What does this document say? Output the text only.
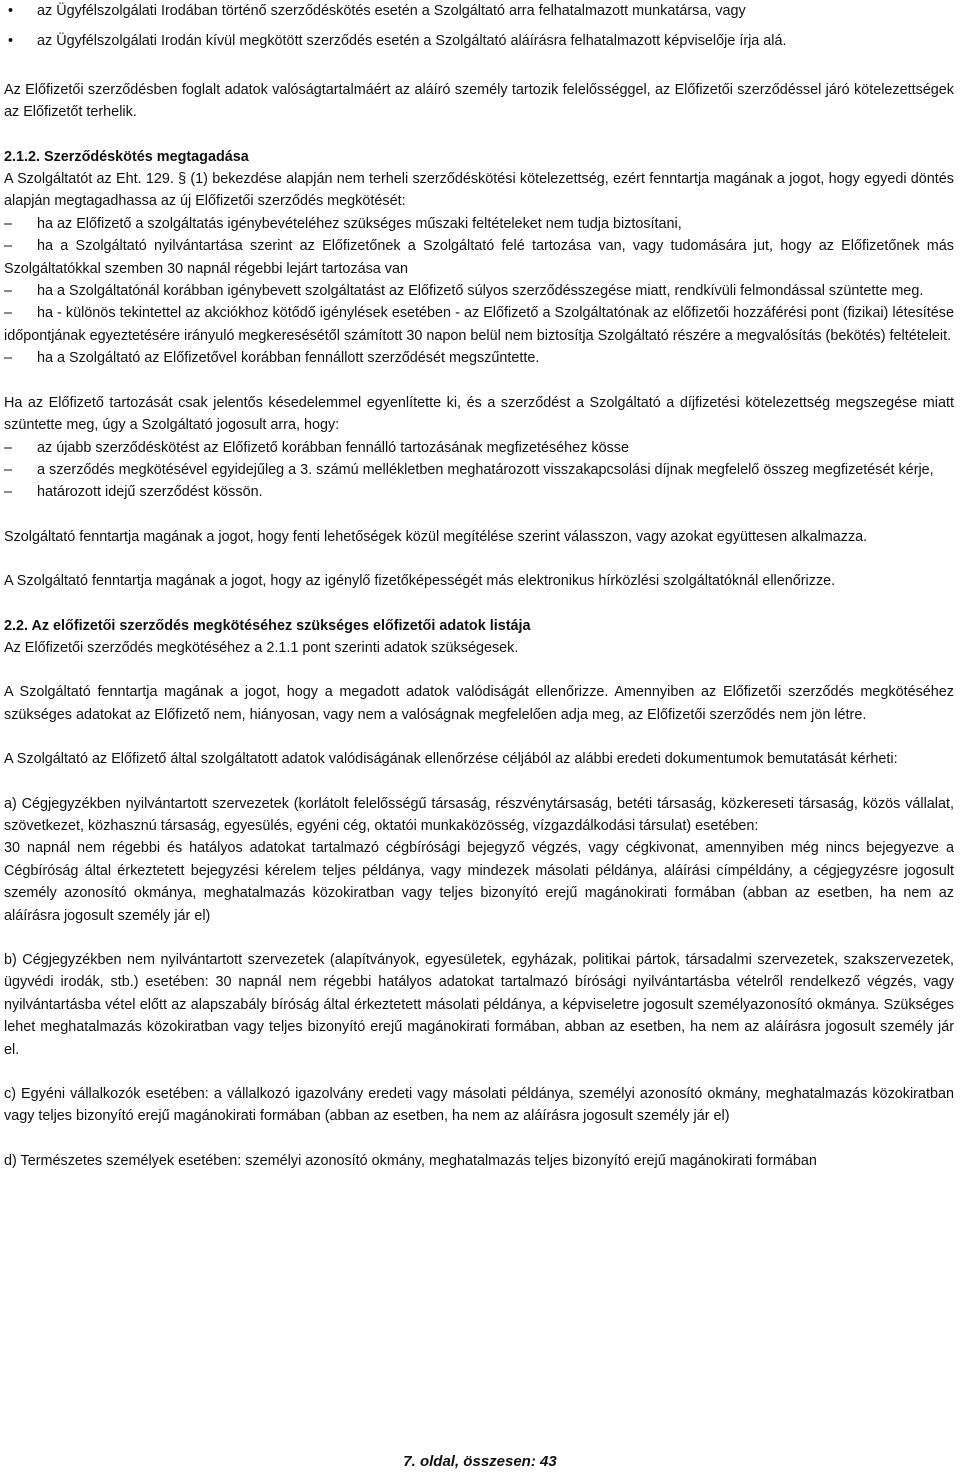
• az Ügyfélszolgálati Irodában történő szerződéskötés esetén a Szolgáltató arra felhatalmazott munkatársa, vagy
• az Ügyfélszolgálati Irodán kívül megkötött szerződés esetén a Szolgáltató aláírásra felhatalmazott képviselője írja alá.

Az Előfizetői szerződésben foglalt adatok valóságtartalmáért az aláíró személy tartozik felelősséggel, az Előfizetői szerződéssel járó kötelezettségek az Előfizetőt terhelik.

2.1.2. Szerződéskötés megtagadása

A Szolgáltatót az Eht. 129. § (1) bekezdése alapján nem terheli szerződéskötési kötelezettség, ezért fenntartja magának a jogot, hogy egyedi döntés alapján megtagadhassa az új Előfizetői szerződés megkötését:

–	ha az Előfizető a szolgáltatás igénybevételéhez szükséges műszaki feltételeket nem tudja biztosítani,
–	ha a Szolgáltató nyilvántartása szerint az Előfizetőnek a Szolgáltató felé tartozása van, vagy tudomására jut, hogy az Előfizetőnek más Szolgáltatókkal szemben 30 napnál régebbi lejárt tartozása van
–	ha a Szolgáltatónál korábban igénybevett szolgáltatást az Előfizető súlyos szerződésszegése miatt, rendkívüli felmondással szüntette meg.
–	ha - különös tekintettel az akciókhoz kötődő igénylések esetében - az Előfizető a Szolgáltatónak az előfizetői hozzáférési pont (fizikai) létesítése időpontjának egyeztetésére irányuló megkeresésétől számított 30 napon belül nem biztosítja Szolgáltató részére a megvalósítás (bekötés) feltételeit.
–	ha a Szolgáltató az Előfizetővel korábban fennállott szerződését megszűntette.

Ha az Előfizető tartozását csak jelentős késedelemmel egyenlítette ki, és a szerződést a Szolgáltató a díjfizetési kötelezettség megszegése miatt szüntette meg, úgy a Szolgáltató jogosult arra, hogy:

–	az újabb szerződéskötést az Előfizető korábban fennálló tartozásának megfizetéséhez kösse
–	a szerződés megkötésével egyidejűleg a 3. számú mellékletben meghatározott visszakapcsolási díjnak megfelelő összeg megfizetését kérje,
–	határozott idejű szerződést kössön.

Szolgáltató fenntartja magának a jogot, hogy fenti lehetőségek közül megítélése szerint válasszon, vagy azokat együttesen alkalmazza.

A Szolgáltató fenntartja magának a jogot, hogy az igénylő fizetőképességét más elektronikus hírközlési szolgáltatóknál ellenőrizze.

2.2. Az előfizetői szerződés megkötéséhez szükséges előfizetői adatok listája

Az Előfizetői szerződés megkötéséhez a 2.1.1 pont szerinti adatok szükségesek.

A Szolgáltató fenntartja magának a jogot, hogy a megadott adatok valódiságát ellenőrizze. Amennyiben az Előfizetői szerződés megkötéséhez szükséges adatokat az Előfizető nem, hiányosan, vagy nem a valóságnak megfelelően adja meg, az Előfizetői szerződés nem jön létre.

A Szolgáltató az Előfizető által szolgáltatott adatok valódiságának ellenőrzése céljából az alábbi eredeti dokumentumok bemutatását kérheti:

a) Cégjegyzékben nyilvántartott szervezetek (korlátolt felelősségű társaság, részvénytársaság, betéti társaság, közkereseti társaság, közös vállalat, szövetkezet, közhasznú társaság, egyesülés, egyéni cég, oktatói munkaközösség, vízgazdálkodási társulat) esetében:

30 napnál nem régebbi és hatályos adatokat tartalmazó cégbírósági bejegyző végzés, vagy cégkivonat, amennyiben még nincs bejegyezve a Cégbíróság által érkeztetett bejegyzési kérelem teljes példánya, vagy mindezek másolati példánya, aláírási címpéldány, a cégjegyzésre jogosult személy azonosító okmánya, meghatalmazás közokiratban vagy teljes bizonyító erejű magánokirati formában (abban az esetben, ha nem az aláírásra jogosult személy jár el)

b) Cégjegyzékben nem nyilvántartott szervezetek (alapítványok, egyesületek, egyházak, politikai pártok, társadalmi szervezetek, szakszervezetek, ügyvédi irodák, stb.) esetében: 30 napnál nem régebbi hatályos adatokat tartalmazó bírósági nyilvántartásba vételről rendelkező végzés, vagy nyilvántartásba vétel előtt az alapszabály bíróság által érkeztetett másolati példánya, a képviseletre jogosult személyazonosító okmánya. Szükséges lehet meghatalmazás közokiratban vagy teljes bizonyító erejű magánokirati formában, abban az esetben, ha nem az aláírásra jogosult személy jár el.

c) Egyéni vállalkozók esetében: a vállalkozó igazolvány eredeti vagy másolati példánya, személyi azonosító okmány, meghatalmazás közokiratban vagy teljes bizonyító erejű magánokirati formában (abban az esetben, ha nem az aláírásra jogosult személy jár el)

d) Természetes személyek esetében: személyi azonosító okmány, meghatalmazás teljes bizonyító erejű magánokirati formában

7. oldal, összesen: 43
